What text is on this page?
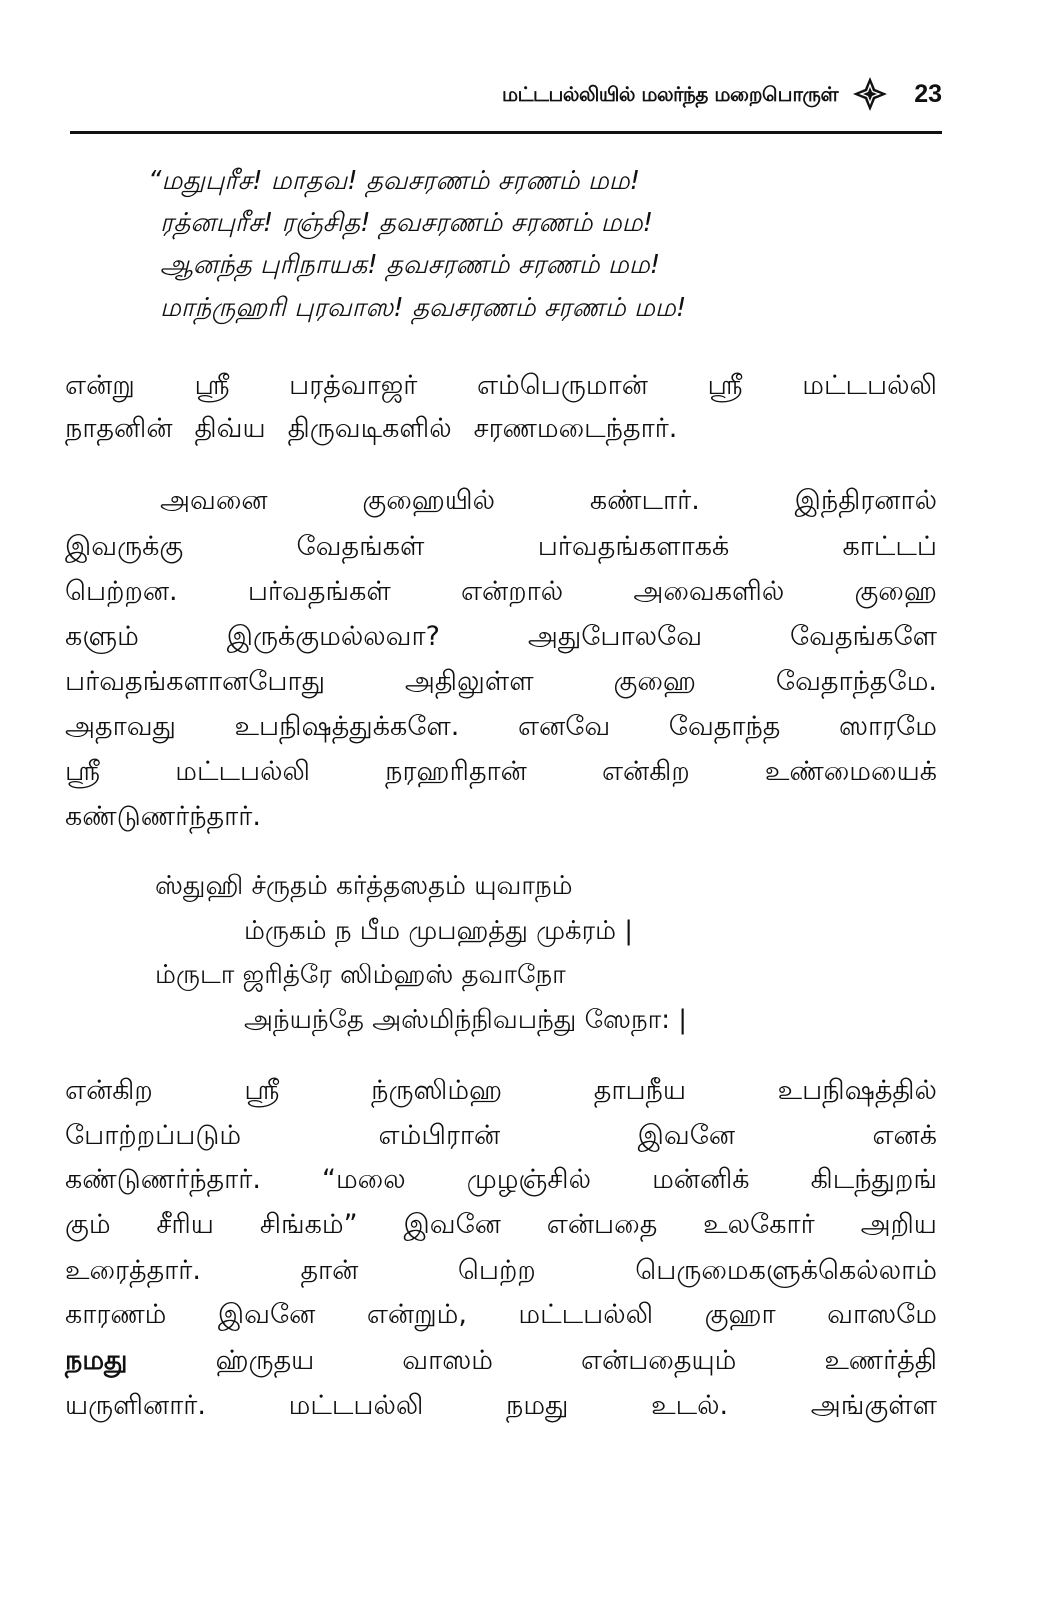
மட்டபல்லியில் மலர்ந்த மறைபொருள்	23
“மதுபுரீச! மாதவ! தவசரணம் சரணம் மம!
ரத்னபுரீச! ரஞ்சித! தவசரணம் சரணம் மம!
ஆனந்த புரிநாயக! தவசரணம் சரணம் மம!
மாந்ருஹரி புரவாஸ! தவசரணம் சரணம் மம!
என்று ஸ்ரீ பரத்வாஜர் எம்பெருமான் ஸ்ரீ மட்டபல்லி
நாதனின் திவ்ய திருவடிகளில் சரணமடைந்தார்.
அவனை	குஹையில்	கண்டார்.	இந்திரனால்
இவருக்கு	வேதங்கள்	பர்வதங்களாகக்	காட்டப்
பெற்றன.	பர்வதங்கள்	என்றால்	அவைகளில்	குஹை
களும்	இருக்குமல்லவா?	அதுபோலவே	வேதங்களே
பர்வதங்களானபோது	அதிலுள்ள	குஹை	வேதாந்தமே.
அதாவது உபநிஷத்துக்களே. எனவே வேதாந்த ஸாரமே
ஸ்ரீ	மட்டபல்லி	நரஹரிதான்	என்கிற	உண்மையைக்
கண்டுணர்ந்தார்.
ஸ்துஹி ச்ருதம் கர்த்தஸதம் யுவாநம்
ம்ருகம் ந பீம முபஹத்து முக்ரம் |
ம்ருடா ஜரித்ரே ஸிம்ஹஸ் தவாநோ
அந்யந்தே அஸ்மிந்நிவபந்து ஸேநா: |
என்கிற	ஸ்ரீ	ந்ருஸிம்ஹ	தாபநீய	உபநிஷத்தில்
போற்றப்படும்	எம்பிரான்	இவனே	எனக்
கண்டுணர்ந்தார். “மலை முழஞ்சில் மன்னிக் கிடந்துறங்
கும் சீரிய சிங்கம்” இவனே என்பதை உலகோர் அறிய
உரைத்தார்.	தான்	பெற்ற	பெருமைகளுக்கெல்லாம்
காரணம் இவனே என்றும், மட்டபல்லி குஹா வாஸமே
நமது	ஹ்ருதய	வாஸம்	என்பதையும்	உணர்த்தி
யருளினார்.	மட்டபல்லி	நமது	உடல்.	அங்குள்ள
